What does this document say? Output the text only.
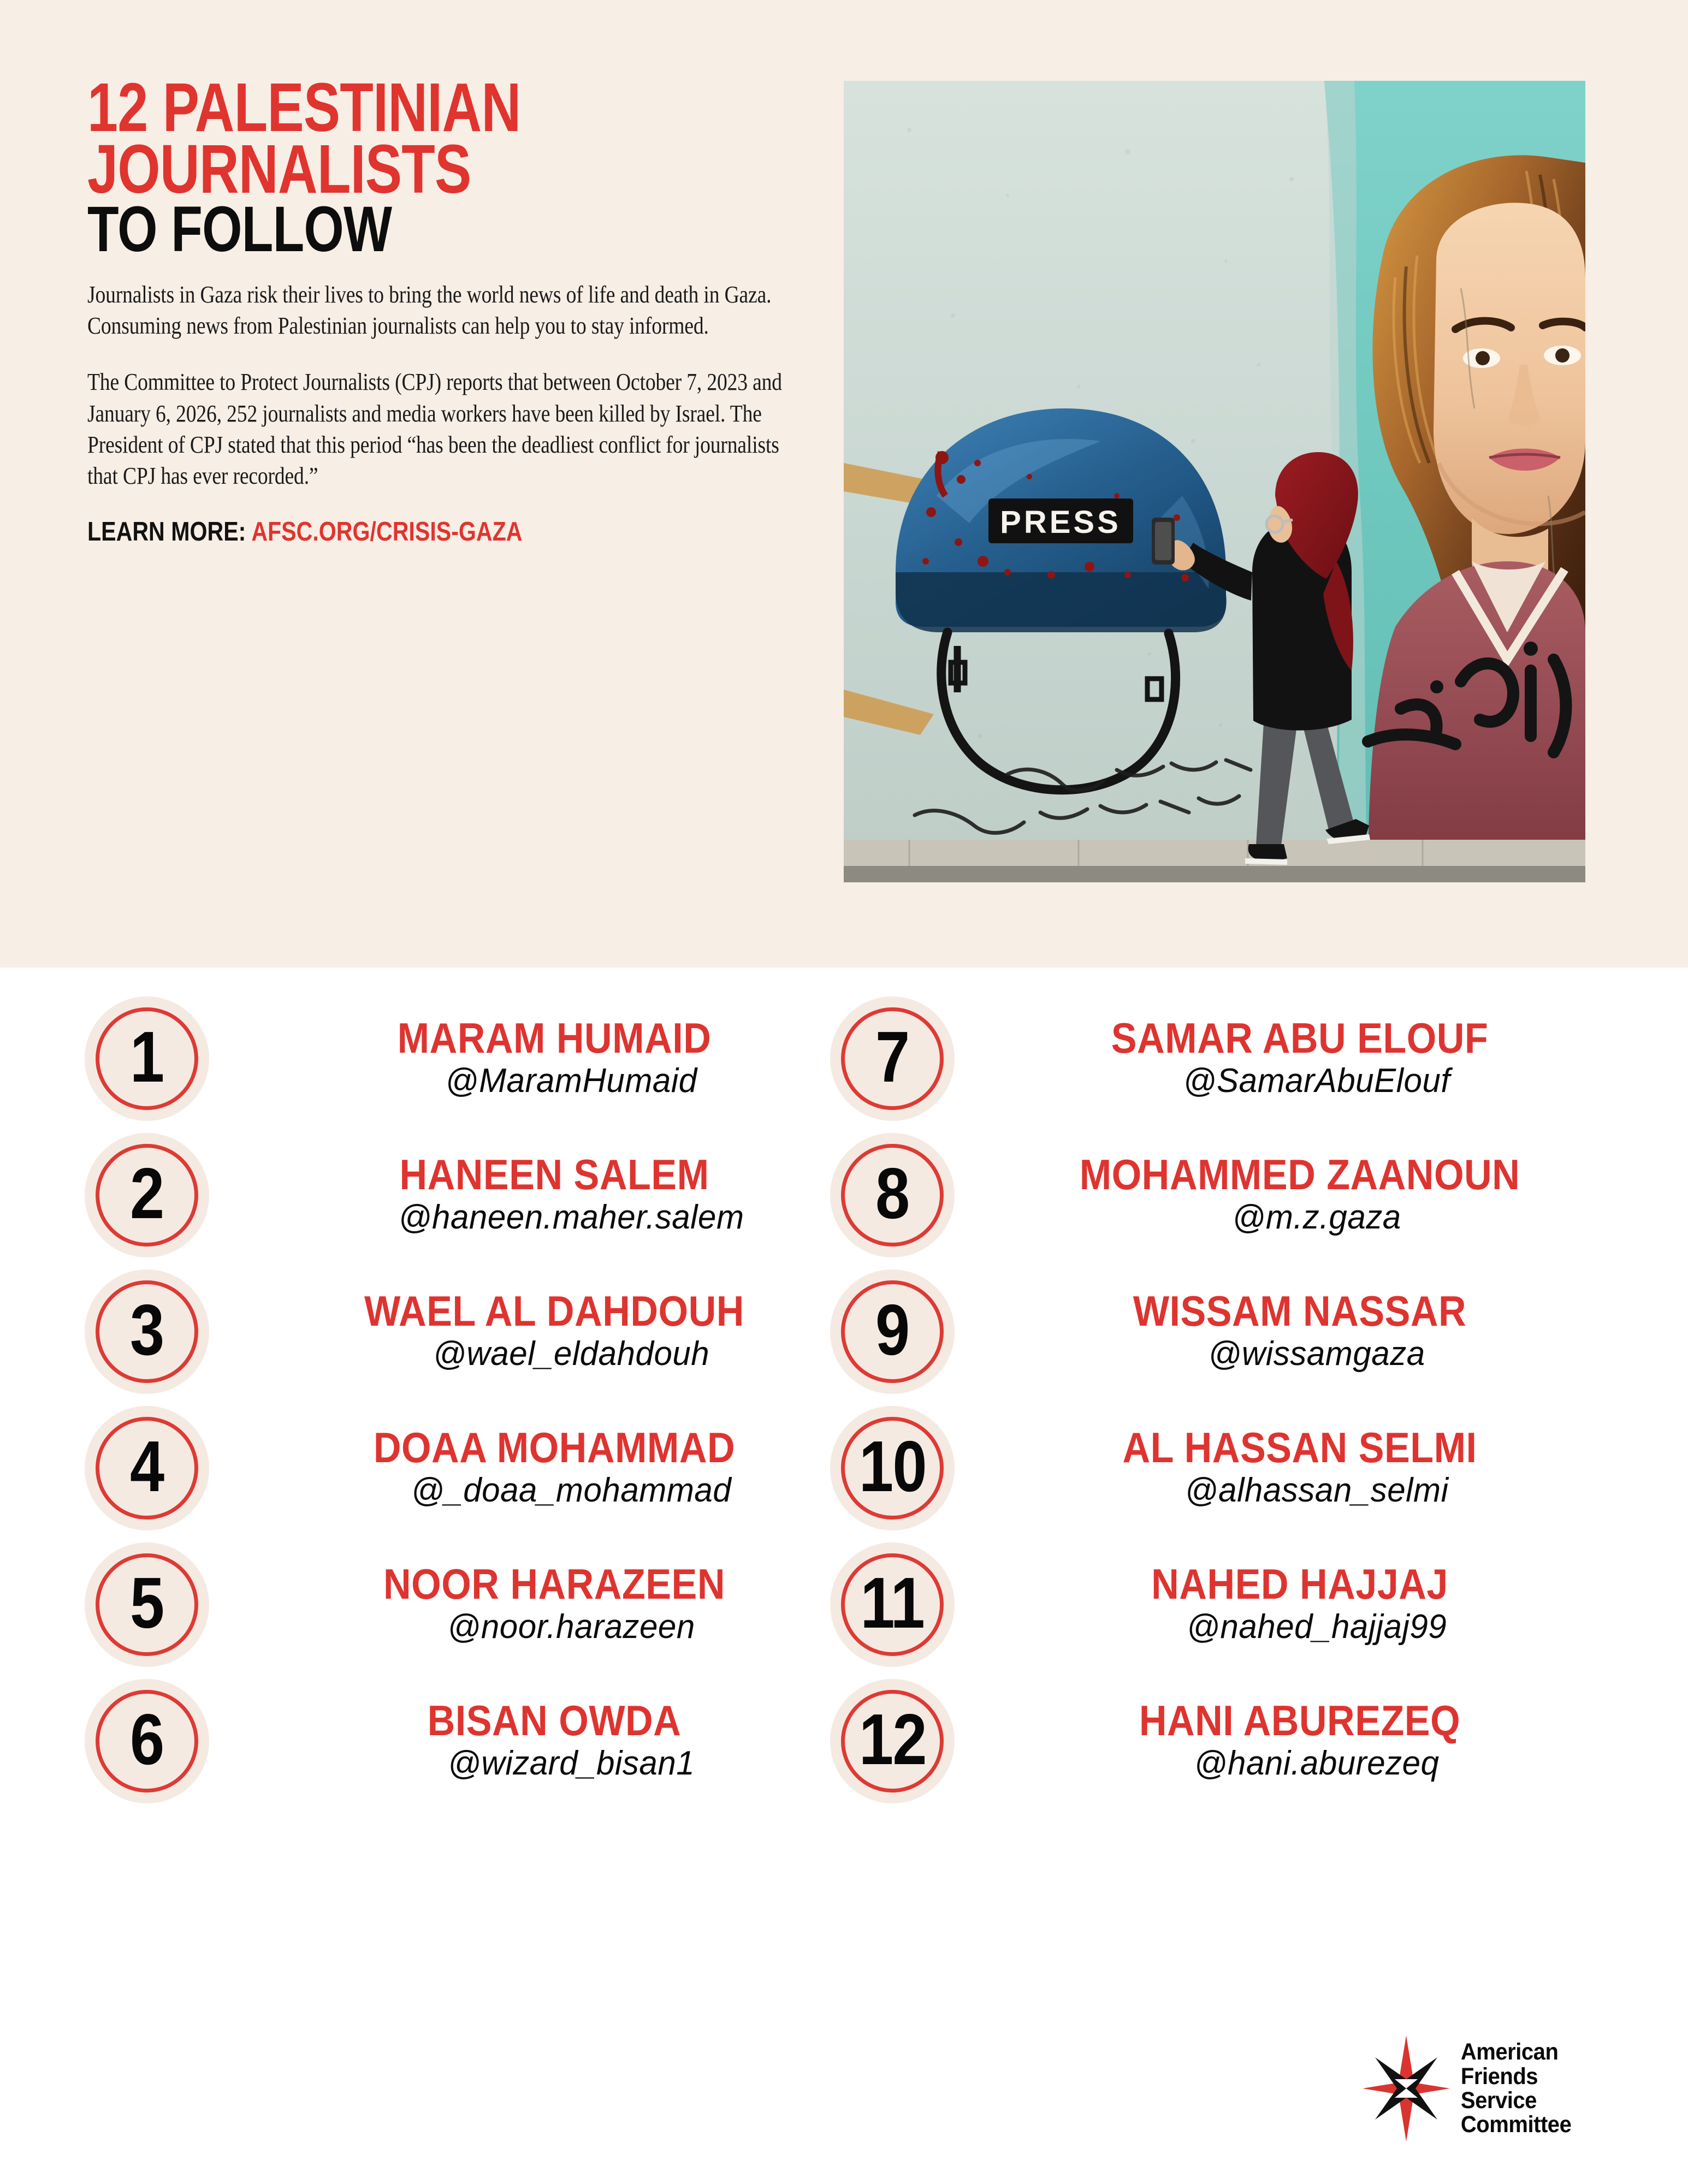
12 PALESTINIAN
JOURNALISTS
TO FOLLOW
Journalists in Gaza risk their lives to bring the world news of life and death in Gaza. Consuming news from Palestinian journalists can help you to stay informed.
The Committee to Protect Journalists (CPJ) reports that between October 7, 2023 and January 6, 2026, 252 journalists and media workers have been killed by Israel. The President of CPJ stated that this period “has been the deadliest conflict for journalists that CPJ has ever recorded.”
LEARN MORE: AFSC.ORG/CRISIS-GAZA	PRESS
1	MARAM HUMAID
@MaramHumaid
2	HANEEN SALEM
@haneen.maher.salem
3	WAEL AL DAHDOUH
@wael_eldahdouh
4	DOAA MOHAMMAD
@_doaa_mohammad
5	NOOR HARAZEEN
@noor.harazeen
6	BISAN OWDA
@wizard_bisan1
7	SAMAR ABU ELOUF
@SamarAbuElouf
8	MOHAMMED ZAANOUN
@m.z.gaza
9	WISSAM NASSAR
@wissamgaza
10	AL HASSAN SELMI
@alhassan_selmi
11	NAHED HAJJAJ
@nahed_hajjaj99
12	HANI ABUREZEQ
@hani.aburezeq
American
Friends
Service
Committee
